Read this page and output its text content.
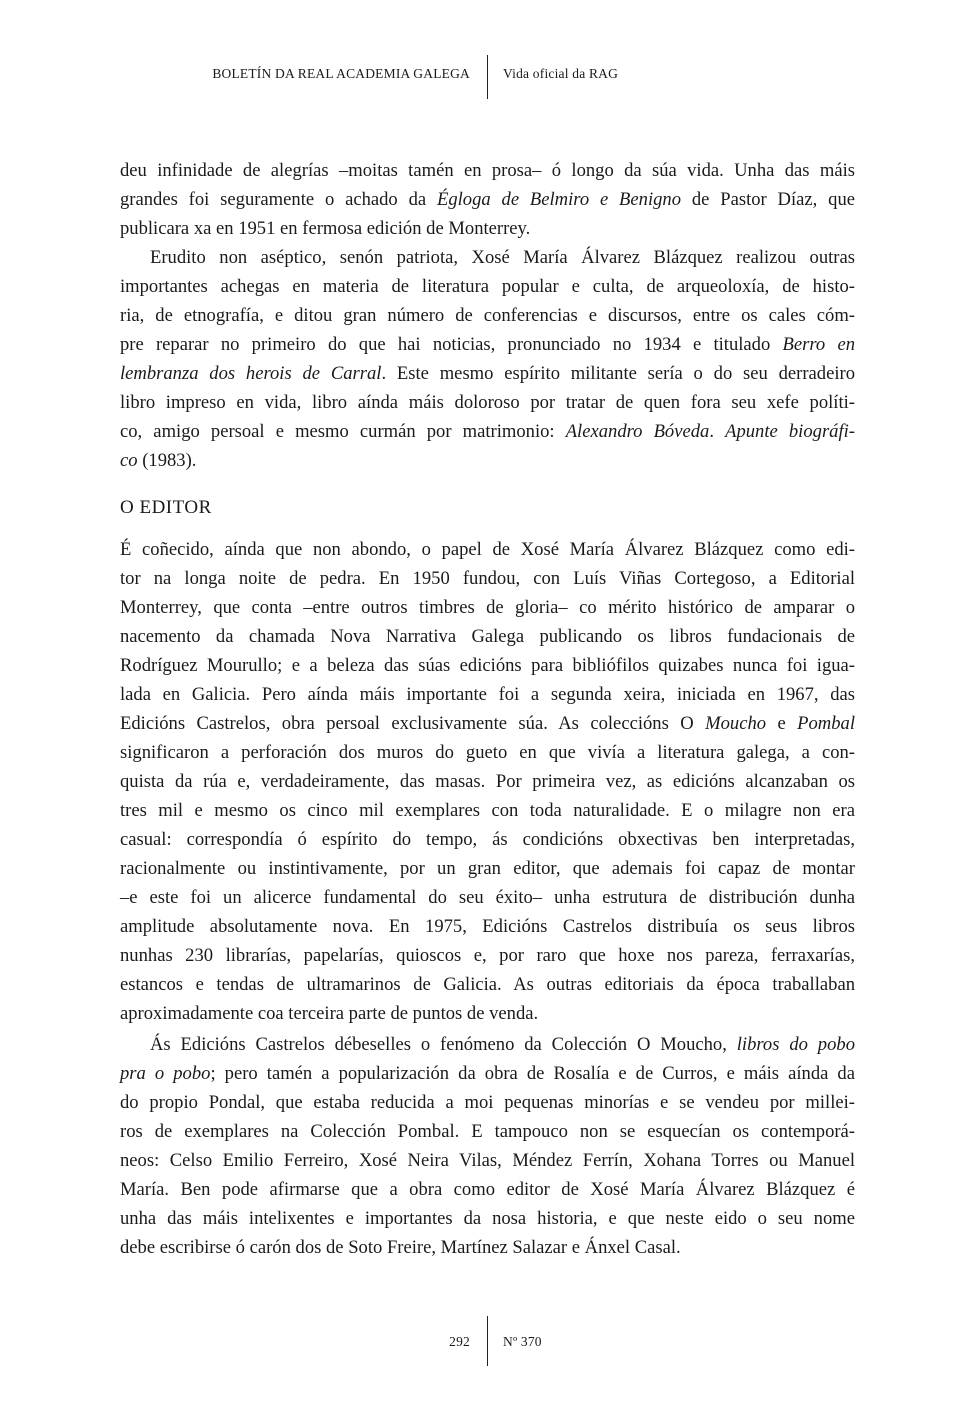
BOLETÍN DA REAL ACADEMIA GALEGA Vida oficial da RAG
deu infinidade de alegrías –moitas tamén en prosa– ó longo da súa vida. Unha das máis
grandes foi seguramente o achado da Égloga de Belmiro e Benigno de Pastor Díaz, que
publicara xa en 1951 en fermosa edición de Monterrey.
Erudito non aséptico, senón patriota, Xosé María Álvarez Blázquez realizou outras
importantes achegas en materia de literatura popular e culta, de arqueoloxía, de histo-
ria, de etnografía, e ditou gran número de conferencias e discursos, entre os cales cóm-
pre reparar no primeiro do que hai noticias, pronunciado no 1934 e titulado Berro en
lembranza dos herois de Carral. Este mesmo espírito militante sería o do seu derradeiro
libro impreso en vida, libro aínda máis doloroso por tratar de quen fora seu xefe políti-
co, amigo persoal e mesmo curmán por matrimonio: Alexandro Bóveda. Apunte biográfi-
co (1983).
É coñecido, aínda que non abondo, o papel de Xosé María Álvarez Blázquez como edi-
tor na longa noite de pedra. En 1950 fundou, con Luís Viñas Cortegoso, a Editorial
Monterrey, que conta –entre outros timbres de gloria– co mérito histórico de amparar o
nacemento da chamada Nova Narrativa Galega publicando os libros fundacionais de
Rodríguez Mourullo; e a beleza das súas edicións para bibliófilos quizabes nunca foi igua-
lada en Galicia. Pero aínda máis importante foi a segunda xeira, iniciada en 1967, das
Edicións Castrelos, obra persoal exclusivamente súa. As coleccións O Moucho e Pombal
significaron a perforación dos muros do gueto en que vivía a literatura galega, a con-
quista da rúa e, verdadeiramente, das masas. Por primeira vez, as edicións alcanzaban os
tres mil e mesmo os cinco mil exemplares con toda naturalidade. E o milagre non era
casual: correspondía ó espírito do tempo, ás condicións obxectivas ben interpretadas,
racionalmente ou instintivamente, por un gran editor, que ademais foi capaz de montar
–e este foi un alicerce fundamental do seu éxito– unha estrutura de distribución dunha
amplitude absolutamente nova. En 1975, Edicións Castrelos distribuía os seus libros
nunhas 230 librarías, papelarías, quioscos e, por raro que hoxe nos pareza, ferraxarías,
estancos e tendas de ultramarinos de Galicia. As outras editoriais da época traballaban
aproximadamente coa terceira parte de puntos de venda.
Ás Edicións Castrelos débeselles o fenómeno da Colección O Moucho, libros do pobo
pra o pobo; pero tamén a popularización da obra de Rosalía e de Curros, e máis aínda da
do propio Pondal, que estaba reducida a moi pequenas minorías e se vendeu por millei-
ros de exemplares na Colección Pombal. E tampouco non se esquecían os contemporá-
neos: Celso Emilio Ferreiro, Xosé Neira Vilas, Méndez Ferrín, Xohana Torres ou Manuel
María. Ben pode afirmarse que a obra como editor de Xosé María Álvarez Blázquez é
unha das máis intelixentes e importantes da nosa historia, e que neste eido o seu nome
debe escribirse ó carón dos de Soto Freire, Martínez Salazar e Ánxel Casal.
O EDITOR
292 Nº 370
